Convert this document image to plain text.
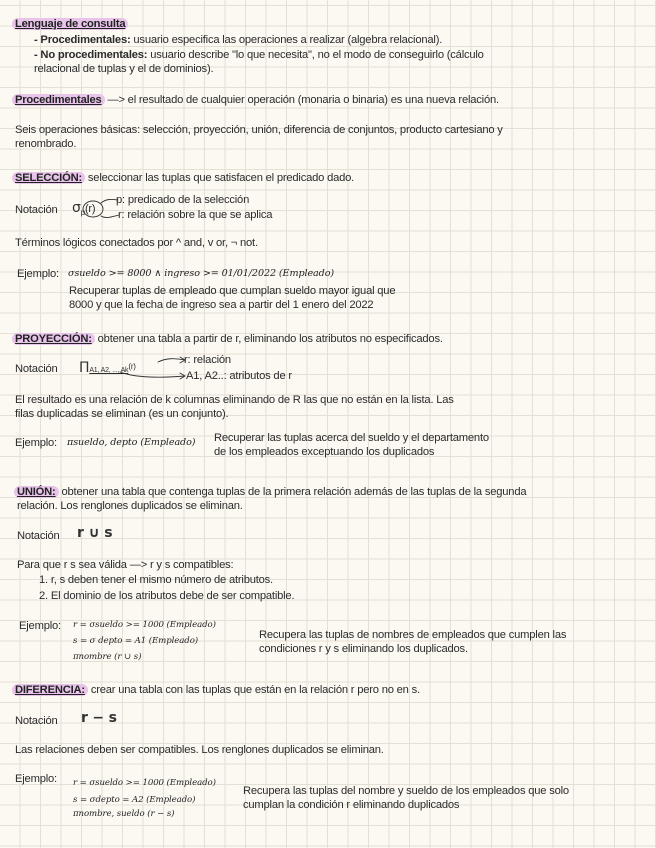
Lenguaje de consulta
- Procedimentales: usuario especifica las operaciones a realizar (algebra relacional).
- No procedimentales: usuario describe "lo que necesita", no el modo de conseguirlo (cálculo
relacional de tuplas y el de dominios).
Procedimentales —> el resultado de cualquier operación (monaria o binaria) es una nueva relación.
Seis operaciones básicas: selección, proyección, unión, diferencia de conjuntos, producto cartesiano y
renombrado.
SELECCIÓN: seleccionar las tuplas que satisfacen el predicado dado.
Notación $\sigma_p(r)$
p: predicado de la selección
r: relación sobre la que se aplica
Términos lógicos conectados por ^ and, v or, ¬ not.
Ejemplo: σsueldo >= 8000 ∧ ingreso >= 01/01/2022 (Empleado)
Recuperar tuplas de empleado que cumplan sueldo mayor igual que
8000 y que la fecha de ingreso sea a partir del 1 enero del 2022
PROYECCIÓN: obtener una tabla a partir de r, eliminando los atributos no especificados.
Notación ΠA1, A2, ..., Ak$^{(r)}$
r: relación
A1, A2..: atributos de r
El resultado es una relación de k columnas eliminando de R las que no están en la lista. Las
filas duplicadas se eliminan (es un conjunto).
Ejemplo: πsueldo, depto (Empleado) Recuperar las tuplas acerca del sueldo y el departamento
de los empleados exceptuando los duplicados
UNIÓN: obtener una tabla que contenga tuplas de la primera relación además de las tuplas de la segunda
relación. Los renglones duplicados se eliminan.
Notación r ∪ s
Para que r s sea válida —> r y s compatibles:
1. r, s deben tener el mismo número de atributos.
2. El dominio de los atributos debe de ser compatible.
Ejemplo: r = σsueldo >= 1000 (Empleado)
s = σ depto = A1 (Empleado)
πnombre (r ∪ s)
Recupera las tuplas de nombres de empleados que cumplen las
condiciones r y s eliminando los duplicados.
DIFERENCIA: crear una tabla con las tuplas que están en la relación r pero no en s.
Notación r − s
Las relaciones deben ser compatibles. Los renglones duplicados se eliminan.
Ejemplo: r = σsueldo >= 1000 (Empleado)
s = σdepto = A2 (Empleado)
πnombre, sueldo (r − s)
Recupera las tuplas del nombre y sueldo de los empleados que solo
cumplan la condición r eliminando duplicados
